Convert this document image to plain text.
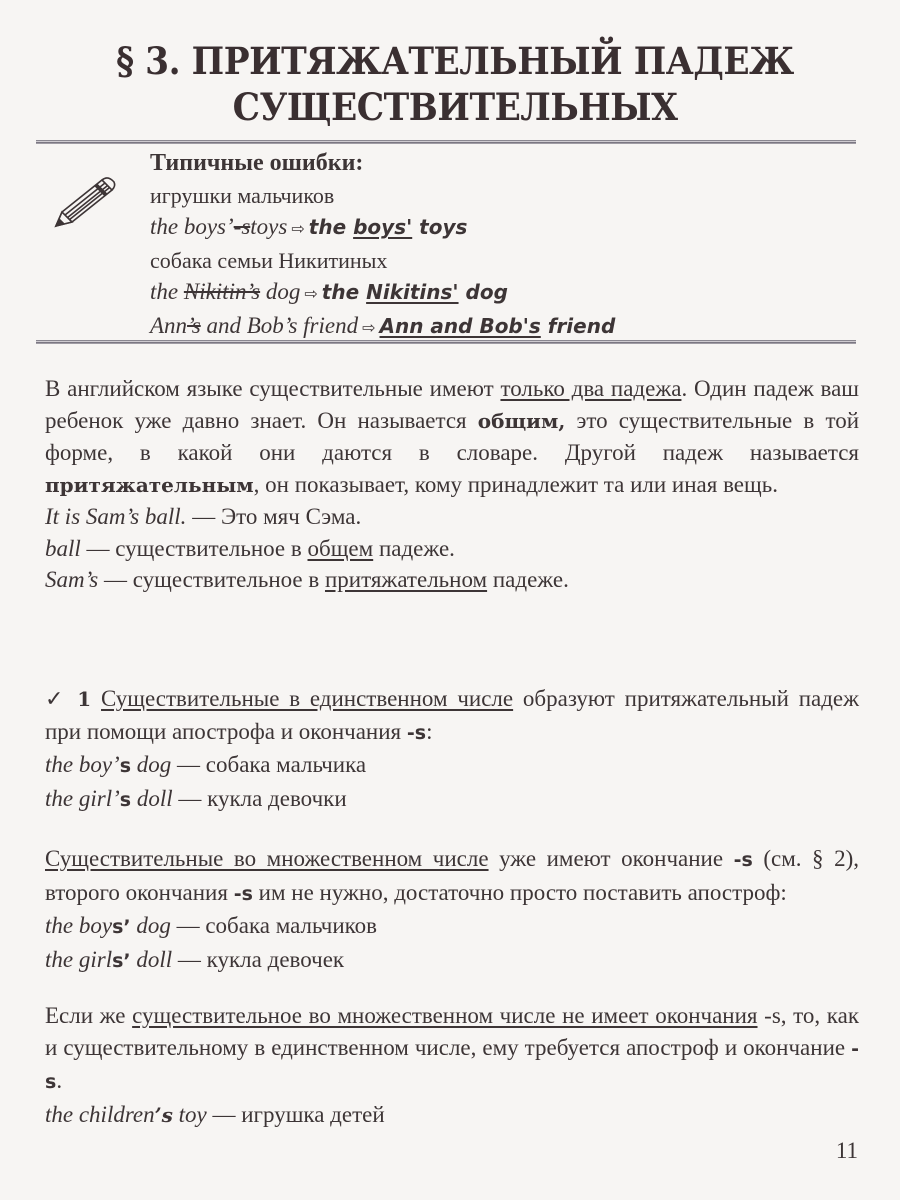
§ 3. ПРИТЯЖАТЕЛЬНЫЙ ПАДЕЖ
СУЩЕСТВИТЕЛЬНЫХ
Типичные ошибки:
игрушки мальчиков
the boys’-stoys ⇨ the boys' toys
собака семьи Никитиных
the Nikitin’s dog ⇨ the Nikitins' dog
Ann’s and Bob’s friend ⇨ Ann and Bob's friend

В английском языке существительные имеют только два падежа. Один падеж ваш ребенок уже давно знает. Он называется общим, это существительные в той форме, в какой они даются в словаре. Другой падеж называется притяжательным, он показывает, кому принадлежит та или иная вещь.

It is Sam’s ball. — Это мяч Сэма.

ball — существительное в общем падеже.

Sam’s — существительное в притяжательном падеже.

✓ 1 Существительные в единственном числе образуют притяжательный падеж при помощи апострофа и окончания -s:

the boy’s dog — собака мальчика

the girl’s doll — кукла девочки

Существительные во множественном числе уже имеют окончание -s (см. § 2), второго окончания -s им не нужно, достаточно просто поставить апостроф:

the boys’ dog — собака мальчиков

the girls’ doll — кукла девочек

Если же существительное во множественном числе не имеет окончания -s, то, как и существительному в единственном числе, ему требуется апостроф и окончание -s.

the children’s toy — игрушка детей

11
